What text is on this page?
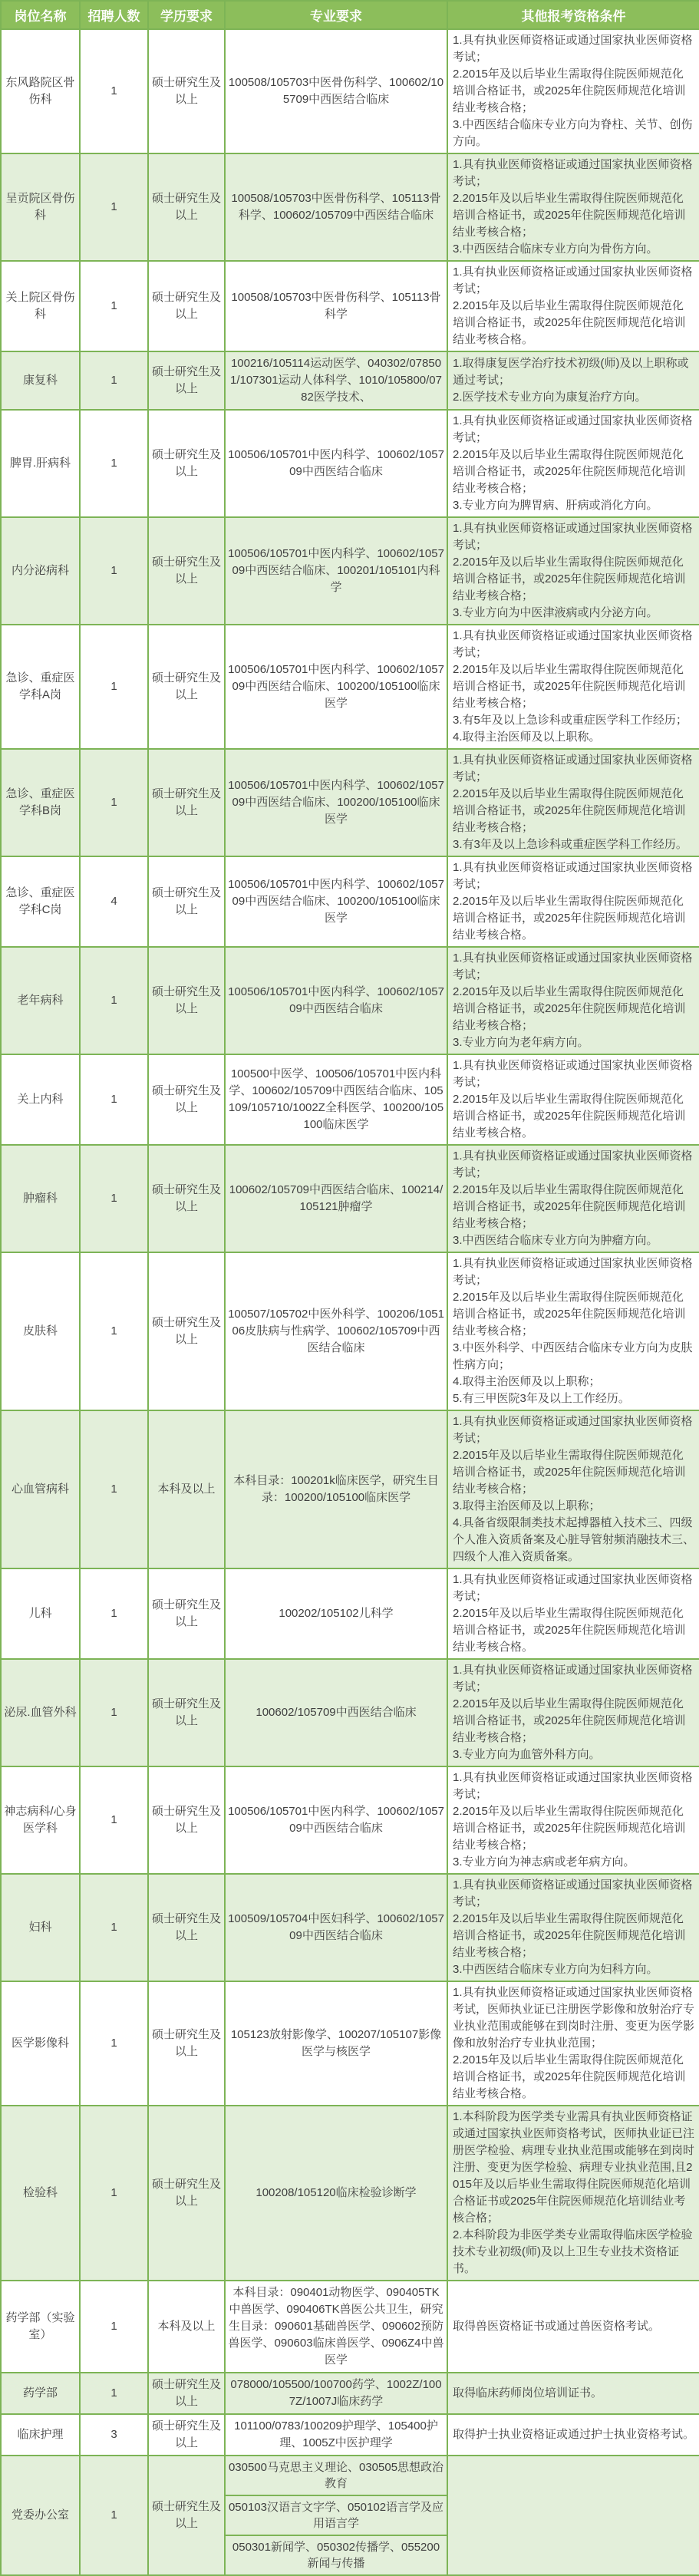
岗位名称	招聘人数	学历要求	专业要求	其他报考资格条件
东风路院区骨伤科	1	硕士研究生及以上	100508/105703中医骨伤科学、100602/105709中西医结合临床	1.具有执业医师资格证或通过国家执业医师资格考试；
2.2015年及以后毕业生需取得住院医师规范化培训合格证书，或2025年住院医师规范化培训结业考核合格；
3.中西医结合临床专业方向为脊柱、关节、创伤方向。

呈贡院区骨伤科	1	硕士研究生及以上	100508/105703中医骨伤科学、105113骨科学、100602/105709中西医结合临床	1.具有执业医师资格证或通过国家执业医师资格考试；
2.2015年及以后毕业生需取得住院医师规范化培训合格证书，或2025年住院医师规范化培训结业考核合格；
3.中西医结合临床专业方向为骨伤方向。

关上院区骨伤科	1	硕士研究生及以上	100508/105703中医骨伤科学、105113骨科学	1.具有执业医师资格证或通过国家执业医师资格考试；
2.2015年及以后毕业生需取得住院医师规范化培训合格证书，或2025年住院医师规范化培训结业考核合格。

康复科	1	硕士研究生及以上	100216/105114运动医学、040302/078501/107301运动人体科学、1010/105800/0782医学技术、	1.取得康复医学治疗技术初级(师)及以上职称或通过考试；
2.医学技术专业方向为康复治疗方向。

脾胃.肝病科	1	硕士研究生及以上	100506/105701中医内科学、100602/105709中西医结合临床	1.具有执业医师资格证或通过国家执业医师资格考试；
2.2015年及以后毕业生需取得住院医师规范化培训合格证书，或2025年住院医师规范化培训结业考核合格；
3.专业方向为脾胃病、肝病或消化方向。

内分泌病科	1	硕士研究生及以上	100506/105701中医内科学、100602/105709中西医结合临床、100201/105101内科学	1.具有执业医师资格证或通过国家执业医师资格考试；
2.2015年及以后毕业生需取得住院医师规范化培训合格证书，或2025年住院医师规范化培训结业考核合格；
3.专业方向为中医津液病或内分泌方向。

急诊、重症医学科A岗	1	硕士研究生及以上	100506/105701中医内科学、100602/105709中西医结合临床、100200/105100临床医学	1.具有执业医师资格证或通过国家执业医师资格考试；
2.2015年及以后毕业生需取得住院医师规范化培训合格证书，或2025年住院医师规范化培训结业考核合格；
3.有5年及以上急诊科或重症医学科工作经历；
4.取得主治医师及以上职称。

急诊、重症医学科B岗	1	硕士研究生及以上	100506/105701中医内科学、100602/105709中西医结合临床、100200/105100临床医学	1.具有执业医师资格证或通过国家执业医师资格考试；
2.2015年及以后毕业生需取得住院医师规范化培训合格证书，或2025年住院医师规范化培训结业考核合格；
3.有3年及以上急诊科或重症医学科工作经历。

急诊、重症医学科C岗	4	硕士研究生及以上	100506/105701中医内科学、100602/105709中西医结合临床、100200/105100临床医学	1.具有执业医师资格证或通过国家执业医师资格考试；
2.2015年及以后毕业生需取得住院医师规范化培训合格证书，或2025年住院医师规范化培训结业考核合格。

老年病科	1	硕士研究生及以上	100506/105701中医内科学、100602/105709中西医结合临床	1.具有执业医师资格证或通过国家执业医师资格考试；
2.2015年及以后毕业生需取得住院医师规范化培训合格证书，或2025年住院医师规范化培训结业考核合格；
3.专业方向为老年病方向。

关上内科	1	硕士研究生及以上	100500中医学、100506/105701中医内科学、100602/105709中西医结合临床、105109/105710/1002Z全科医学、100200/105100临床医学	1.具有执业医师资格证或通过国家执业医师资格考试；
2.2015年及以后毕业生需取得住院医师规范化培训合格证书，或2025年住院医师规范化培训结业考核合格。

肿瘤科	1	硕士研究生及以上	100602/105709中西医结合临床、100214/105121肿瘤学	1.具有执业医师资格证或通过国家执业医师资格考试；
2.2015年及以后毕业生需取得住院医师规范化培训合格证书，或2025年住院医师规范化培训结业考核合格；
3.中西医结合临床专业方向为肿瘤方向。

皮肤科	1	硕士研究生及以上	100507/105702中医外科学、100206/105106皮肤病与性病学、100602/105709中西医结合临床	1.具有执业医师资格证或通过国家执业医师资格考试；
2.2015年及以后毕业生需取得住院医师规范化培训合格证书，或2025年住院医师规范化培训结业考核合格；
3.中医外科学、中西医结合临床专业方向为皮肤性病方向；
4.取得主治医师及以上职称；
5.有三甲医院3年及以上工作经历。

心血管病科	1	本科及以上	本科目录：100201k临床医学，研究生目录：100200/105100临床医学	1.具有执业医师资格证或通过国家执业医师资格考试；
2.2015年及以后毕业生需取得住院医师规范化培训合格证书，或2025年住院医师规范化培训结业考核合格；
3.取得主治医师及以上职称；
4.具备省级限制类技术起搏器植入技术三、四级个人准入资质备案及心脏导管射频消融技术三、四级个人准入资质备案。

儿科	1	硕士研究生及以上	100202/105102儿科学	1.具有执业医师资格证或通过国家执业医师资格考试；
2.2015年及以后毕业生需取得住院医师规范化培训合格证书，或2025年住院医师规范化培训结业考核合格。

泌尿.血管外科	1	硕士研究生及以上	100602/105709中西医结合临床	1.具有执业医师资格证或通过国家执业医师资格考试；
2.2015年及以后毕业生需取得住院医师规范化培训合格证书，或2025年住院医师规范化培训结业考核合格；
3.专业方向为血管外科方向。

神志病科/心身医学科	1	硕士研究生及以上	100506/105701中医内科学、100602/105709中西医结合临床	1.具有执业医师资格证或通过国家执业医师资格考试；
2.2015年及以后毕业生需取得住院医师规范化培训合格证书，或2025年住院医师规范化培训结业考核合格；
3.专业方向为神志病或老年病方向。

妇科	1	硕士研究生及以上	100509/105704中医妇科学、100602/105709中西医结合临床	1.具有执业医师资格证或通过国家执业医师资格考试；
2.2015年及以后毕业生需取得住院医师规范化培训合格证书，或2025年住院医师规范化培训结业考核合格；
3.中西医结合临床专业方向为妇科方向。

医学影像科	1	硕士研究生及以上	105123放射影像学、100207/105107影像医学与核医学	1.具有执业医师资格证或通过国家执业医师资格考试，医师执业证已注册医学影像和放射治疗专业执业范围或能够在到岗时注册、变更为医学影像和放射治疗专业执业范围；
2.2015年及以后毕业生需取得住院医师规范化培训合格证书，或2025年住院医师规范化培训结业考核合格。

检验科	1	硕士研究生及以上	100208/105120临床检验诊断学	1.本科阶段为医学类专业需具有执业医师资格证或通过国家执业医师资格考试，医师执业证已注册医学检验、病理专业执业范围或能够在到岗时注册、变更为医学检验、病理专业执业范围,且2015年及以后毕业生需取得住院医师规范化培训合格证书或2025年住院医师规范化培训结业考核合格；
2.本科阶段为非医学类专业需取得临床医学检验技术专业初级(师)及以上卫生专业技术资格证书。

药学部（实验室）	1	本科及以上	本科目录：090401动物医学、090405TK中兽医学、090406TK兽医公共卫生，研究生目录：090601基础兽医学、090602预防兽医学、090603临床兽医学、0906Z4中兽医学	取得兽医资格证书或通过兽医资格考试。

药学部	1	硕士研究生及以上	078000/105500/100700药学、1002Z/1007Z/1007J临床药学	取得临床药师岗位培训证书。

临床护理	3	硕士研究生及以上	101100/0783/100209护理学、105400护理、1005Z中医护理学	取得护士执业资格证或通过护士执业资格考试。

党委办公室	1	硕士研究生及以上	030500马克思主义理论、030505思想政治教育
050103汉语言文字学、050102语言学及应用语言学
050301新闻学、050302传播学、055200新闻与传播	
